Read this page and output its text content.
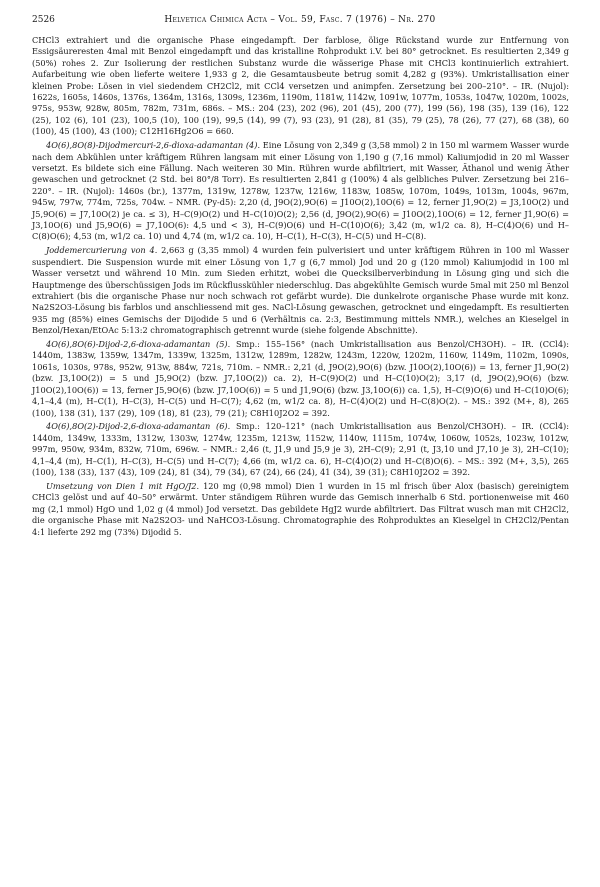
2526	Helvetica Chimica Acta – Vol. 59, Fasc. 7 (1976) – Nr. 270

CHCl3 extrahiert und die organische Phase eingedampft. Der farblose, ölige Rückstand wurde zur Entfernung von Essigsäureresten 4mal mit Benzol eingedampft und das kristalline Rohprodukt i.V. bei 80° getrocknet. Es resultierten 2,349 g (50%) rohes 2. Zur Isolierung der restlichen Substanz wurde die wässerige Phase mit CHCl3 kontinuierlich extrahiert. Aufarbeitung wie oben lieferte weitere 1,933 g 2, die Gesamtausbeute betrug somit 4,282 g (93%). Umkristallisation einer kleinen Probe: Lösen in viel siedendem CH2Cl2, mit CCl4 versetzen und animpfen. Zersetzung bei 200–210°. – IR. (Nujol): 1622s, 1605s, 1460s, 1376s, 1364m, 1316s, 1309s, 1236m, 1190m, 1181w, 1142w, 1091w, 1077m, 1053s, 1047w, 1020m, 1002s, 975s, 953w, 928w, 805m, 782m, 731m, 686s. – MS.: 204 (23), 202 (96), 201 (45), 200 (77), 199 (56), 198 (35), 139 (16), 122 (25), 102 (6), 101 (23), 100,5 (10), 100 (19), 99,5 (14), 99 (7), 93 (23), 91 (28), 81 (35), 79 (25), 78 (26), 77 (27), 68 (38), 60 (100), 45 (100), 43 (100); C12H16Hg2O6 = 660.

4O(6),8O(8)-Dijodmercuri-2,6-dioxa-adamantan (4). Eine Lösung von 2,349 g (3,58 mmol) 2 in 150 ml warmem Wasser wurde nach dem Abkühlen unter kräftigem Rühren langsam mit einer Lösung von 1,190 g (7,16 mmol) Kaliumjodid in 20 ml Wasser versetzt. Es bildete sich eine Fällung. Nach weiteren 30 Min. Rühren wurde abfiltriert, mit Wasser, Äthanol und wenig Äther gewaschen und getrocknet (2 Std. bei 80°/8 Torr). Es resultierten 2,841 g (100%) 4 als gelbliches Pulver. Zersetzung bei 216–220°. – IR. (Nujol): 1460s (br.), 1377m, 1319w, 1278w, 1237w, 1216w, 1183w, 1085w, 1070m, 1049s, 1013m, 1004s, 967m, 945w, 797w, 774m, 725s, 704w. – NMR. (Py-d5): 2,20 (d, J9O(2),9O(6) = J10O(2),10O(6) = 12, ferner J1,9O(2) = J3,10O(2) und J5,9O(6) = J7,10O(2) je ca. ≤ 3), H–C(9)O(2) und H–C(10)O(2); 2,56 (d, J9O(2),9O(6) = J10O(2),10O(6) = 12, ferner J1,9O(6) = J3,10O(6) und J5,9O(6) = J7,10O(6): 4,5 und < 3), H–C(9)O(6) und H–C(10)O(6); 3,42 (m, w1/2 ca. 8), H–C(4)O(6) und H–C(8)O(6); 4,53 (m, w1/2 ca. 10) und 4,74 (m, w1/2 ca. 10), H–C(1), H–C(3), H–C(5) und H–C(8).

Joddemercurierung von 4. 2,663 g (3,35 mmol) 4 wurden fein pulverisiert und unter kräftigem Rühren in 100 ml Wasser suspendiert. Die Suspension wurde mit einer Lösung von 1,7 g (6,7 mmol) Jod und 20 g (120 mmol) Kaliumjodid in 100 ml Wasser versetzt und während 10 Min. zum Sieden erhitzt, wobei die Quecksilberverbindung in Lösung ging und sich die Hauptmenge des überschüssigen Jods im Rückflusskühler niederschlug. Das abgekühlte Gemisch wurde 5mal mit 250 ml Benzol extrahiert (bis die organische Phase nur noch schwach rot gefärbt wurde). Die dunkelrote organische Phase wurde mit konz. Na2S2O3-Lösung bis farblos und anschliessend mit ges. NaCl-Lösung gewaschen, getrocknet und eingedampft. Es resultierten 935 mg (85%) eines Gemischs der Dijodide 5 und 6 (Verhältnis ca. 2:3, Bestimmung mittels NMR.), welches an Kieselgel in Benzol/Hexan/EtOAc 5:13:2 chromatographisch getrennt wurde (siehe folgende Abschnitte).

4O(6),8O(6)-Dijod-2,6-dioxa-adamantan (5). Smp.: 155–156° (nach Umkristallisation aus Benzol/CH3OH). – IR. (CCl4): 1440m, 1383w, 1359w, 1347m, 1339w, 1325m, 1312w, 1289m, 1282w, 1243m, 1220w, 1202m, 1160w, 1149m, 1102m, 1090s, 1061s, 1030s, 978s, 952w, 913w, 884w, 721s, 710m. – NMR.: 2,21 (d, J9O(2),9O(6) (bzw. J10O(2),10O(6)) = 13, ferner J1,9O(2) (bzw. J3,10O(2)) = 5 und J5,9O(2) (bzw. J7,10O(2)) ca. 2), H–C(9)O(2) und H–C(10)O(2); 3,17 (d, J9O(2),9O(6) (bzw. J10O(2),10O(6)) = 13, ferner J5,9O(6) (bzw. J7,10O(6)) = 5 und J1,9O(6) (bzw. J3,10O(6)) ca. 1,5), H–C(9)O(6) und H–C(10)O(6); 4,1–4,4 (m), H–C(1), H–C(3), H–C(5) und H–C(7); 4,62 (m, w1/2 ca. 8), H–C(4)O(2) und H–C(8)O(2). – MS.: 392 (M+, 8), 265 (100), 138 (31), 137 (29), 109 (18), 81 (23), 79 (21); C8H10J2O2 = 392.

4O(6),8O(2)-Dijod-2,6-dioxa-adamantan (6). Smp.: 120–121° (nach Umkristallisation aus Benzol/CH3OH). – IR. (CCl4): 1440m, 1349w, 1333m, 1312w, 1303w, 1274w, 1235m, 1213w, 1152w, 1140w, 1115m, 1074w, 1060w, 1052s, 1023w, 1012w, 997m, 950w, 934m, 832w, 710m, 696w. – NMR.: 2,46 (t, J1,9 und J5,9 je 3), 2H–C(9); 2,91 (t, J3,10 und J7,10 je 3), 2H–C(10); 4,1–4,4 (m), H–C(1), H–C(3), H–C(5) und H–C(7); 4,66 (m, w1/2 ca. 6), H–C(4)O(2) und H–C(8)O(6). – MS.: 392 (M+, 3,5), 265 (100), 138 (33), 137 (43), 109 (24), 81 (34), 79 (34), 67 (24), 66 (24), 41 (34), 39 (31); C8H10J2O2 = 392.

Umsetzung von Dien 1 mit HgO/J2. 120 mg (0,98 mmol) Dien 1 wurden in 15 ml frisch über Alox (basisch) gereinigtem CHCl3 gelöst und auf 40–50° erwärmt. Unter ständigem Rühren wurde das Gemisch innerhalb 6 Std. portionenweise mit 460 mg (2,1 mmol) HgO und 1,02 g (4 mmol) Jod versetzt. Das gebildete HgJ2 wurde abfiltriert. Das Filtrat wusch man mit CH2Cl2, die organische Phase mit Na2S2O3- und NaHCO3-Lösung. Chromatographie des Rohproduktes an Kieselgel in CH2Cl2/Pentan 4:1 lieferte 292 mg (73%) Dijodid 5.
